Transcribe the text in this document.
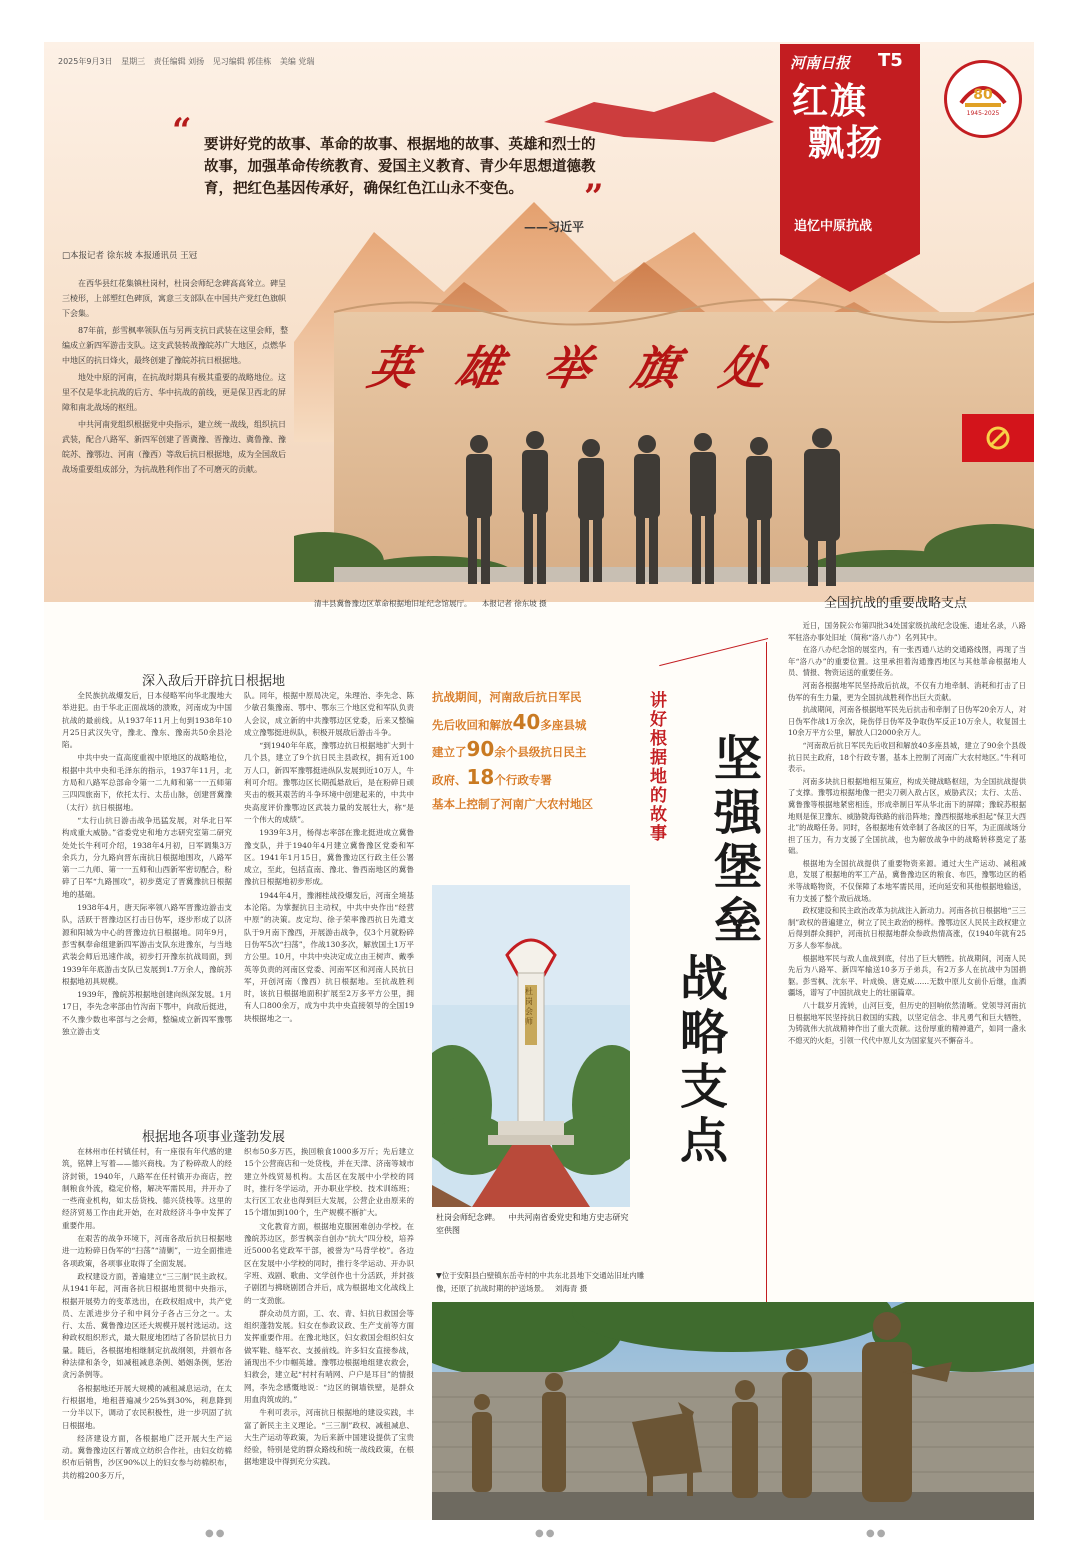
2025年9月3日 星期三 责任编辑 刘扬 见习编辑 郭佳栋 美编 党瑞
“ 要讲好党的故事、革命的故事、根据地的故事、英雄和烈士的故事，加强革命传统教育、爱国主义教育、青少年思想道德教育，把红色基因传承好，确保红色江山永不变色。	”
——习近平
□本报记者 徐东坡 本报通讯员 王冠

在西华县红花集镇杜岗村，杜岗会师纪念碑高高耸立。碑呈三棱形，上部塑红色碑顶，寓意三支部队在中国共产党红色旗帜下会集。

87年前，彭雪枫率领队伍与另两支抗日武装在这里会师，整编成立新四军游击支队。这支武装转战豫皖苏广大地区，点燃华中地区的抗日烽火，最终创建了豫皖苏抗日根据地。

地处中原的河南，在抗战时期具有极其重要的战略地位。这里不仅是华北抗战的后方、华中抗战的前线，更是保卫西北的屏障和南北战场的枢纽。

中共河南党组织根据党中央指示，建立统一战线，组织抗日武装，配合八路军、新四军创建了晋冀豫、晋豫边、冀鲁豫、豫皖苏、豫鄂边、河南（豫西）等敌后抗日根据地，成为全国敌后战场重要组成部分，为抗战胜利作出了不可磨灭的贡献。

河南日报 T5
红旗
飘扬
追忆中原抗战
80
1945-2025
英雄举旗处
清丰县冀鲁豫边区革命根据地旧址纪念馆展厅。 本报记者 徐东坡 摄	全国抗战的重要战略支点
深入敌后开辟抗日根据地

全民族抗战爆发后，日本侵略军向华北腹地大举进犯。由于华北正面战场的溃败，河南成为中国抗战的最前线。从1937年11月上旬到1938年10月25日武汉失守，豫北、豫东、豫南共50余县沦陷。

中共中央一直高度重视中原地区的战略地位，根据中共中央和毛泽东的指示，1937年11月，北方局和八路军总部命令第一二九师和第一一五师第三四四旅南下，依托太行、太岳山脉，创建晋冀豫（太行）抗日根据地。

“太行山抗日游击战争迅猛发展，对华北日军构成重大威胁。”省委党史和地方志研究室第二研究处处长牛利可介绍，1938年4月初，日军调集3万余兵力，分九路向晋东南抗日根据地围攻，八路军第一二九师、第一一五师和山西新军密切配合，粉碎了日军“九路围攻”，初步奠定了晋冀豫抗日根据地的基础。

1938年4月，唐天际率领八路军晋豫边游击支队，活跃于晋豫边区打击日伪军，逐步形成了以济源和阳城为中心的晋豫边抗日根据地。同年9月，彭雪枫奉命组建新四军游击支队东进豫东，与当地武装会师后迅速作战，初步打开豫东抗战局面，到1939年年底游击支队已发展到1.7万余人，豫皖苏根据地初具规模。

1939年，豫皖苏根据地创建向纵深发展。1月17日，李先念率部由竹沟南下鄂中，向敌后挺进，不久豫少数也率部与之会师，整编成立新四军豫鄂独立游击支

队。同年，根据中原局决定，朱理治、李先念、陈少敏召集豫南、鄂中、鄂东三个地区党和军队负责人会议，成立新的中共豫鄂边区党委，后来又整编成立豫鄂挺进纵队，积极开展敌后游击斗争。

“到1940年年底，豫鄂边抗日根据地扩大到十几个县，建立了9个抗日民主县政权，拥有近100万人口，新四军豫鄂挺进纵队发展到近10万人，牛利可介绍。豫鄂边区长期孤悬敌后，是在粉碎日顽夹击的极其艰苦的斗争环境中创建起来的，中共中央高度评价豫鄂边区武装力量的发展壮大，称“是一个伟大的成绩”。

1939年3月，杨得志率部在豫北挺进成立冀鲁豫支队，并于1940年4月建立冀鲁豫区党委和军区。1941年1月15日，冀鲁豫边区行政主任公署成立，至此，包括直南、豫北、鲁西南地区的冀鲁豫抗日根据地初步形成。

1944年4月，豫湘桂战役爆发后，河南全境基本沦陷。为掌握抗日主动权，中共中央作出“经营中原”的决策。皮定均、徐子荣率豫西抗日先遣支队于9月南下豫西，开展游击战争，仅3个月就粉碎日伪军5次“扫荡”，作战130多次，解放国土1万平方公里。10月，中共中央决定成立由王树声、戴季英等负责的河南区党委、河南军区和河南人民抗日军，开创河南（豫西）抗日根据地。至抗战胜利时，该抗日根据地面积扩展至2万多平方公里，拥有人口800余万，成为中共中央直接领导的全国19块根据地之一。

抗战期间，河南敌后抗日军民
先后收回和解放40多座县城
建立了90余个县级抗日民主
政府、18个行政专署
基本上控制了河南广大农村地区
讲好根据地的故事
坚强堡垒
战略支点
杜岗会师
杜岗会师纪念碑。 中共河南省委党史和地方史志研究室供图
▼位于安阳县白壁镇东岳寺村的中共东北县地下交通站旧址内雕像，还原了抗战时期的护送场景。 刘海青 摄
根据地各项事业蓬勃发展

在林州市任村镇任村，有一座很有年代感的建筑，铭牌上写着——德兴商栈。为了粉碎敌人的经济封锁，1940年，八路军在任村镇开办商店，控制粮食外流，稳定价格，解决军需民用，并开办了一些商业机构，如太岳货栈、德兴货栈等。这里的经济贸易工作由此开始，在对敌经济斗争中发挥了重要作用。

在艰苦的战争环境下，河南各敌后抗日根据地进一边粉碎日伪军的“扫荡”“清剿”，一边全面推进各项政策，各项事业取得了全面发展。

政权建设方面，普遍建立“三三制”民主政权。从1941年起，河南各抗日根据地贯彻中央指示，根据开展势力的变革选出，在政权组成中，共产党员、左派进步分子和中间分子各占三分之一。太行、太岳、冀鲁豫边区还大规模开展村选运动。这种政权组织形式，最大限度地团结了各阶层抗日力量。随后，各根据地相继制定抗战纲领，并颁布各种法律和条令，如减租减息条例、婚姻条例，惩治贪污条例等。

各根据地还开展大规模的减租减息运动，在太行根据地，地租普遍减少25%到30%，利息降到一分半以下，调动了农民积极性，进一步巩固了抗日根据地。

经济建设方面，各根据地广泛开展大生产运动。冀鲁豫边区行署成立纺织合作社，由妇女纺棉织布后销售，沙区90%以上的妇女参与纺棉织布，共纺棉200多万斤，

织布50多万匹，换回粮食1000多万斤；先后建立15个公营商店和一处货栈，并在天津、济南等城市建立外线贸易机构。太岳区在发展中小学校的同时，推行冬学运动，开办职业学校、技术训练班；太行区工农业也得到巨大发展，公营企业由原来的15个增加到100个，生产规模不断扩大。

文化教育方面，根据地克服困难创办学校。在豫皖苏边区，彭雪枫亲自创办“抗大”四分校，培养近5000名党政军干部，被誉为“马背学校”。各边区在发展中小学校的同时，推行冬学运动、开办识字班、戏剧、歌曲、文学创作也十分活跃，并封孩子剧团与拂晓剧团合并后，成为根据地文化战线上的一支劲旅。

群众动员方面，工、农、青、妇抗日救国会等组织蓬勃发展。妇女在参政议政、生产支前等方面发挥重要作用。在豫北地区，妇女救国会组织妇女做军鞋、缝军衣、支援前线。许多妇女直接参战，涌现出不少巾帼英雄。豫鄂边根据地组建农救会，妇救会，建立起“村村有哨网、户户是耳目”的情报网，李先念感慨地说：“边区的铜墙铁壁，是群众用血肉筑成的。”

牛利可表示，河南抗日根据地的建设实践，丰富了新民主主义理论。“三三制”政权、减租减息、大生产运动等政策，为后来新中国建设提供了宝贵经验，特别是党的群众路线和统一战线政策，在根据地建设中得到充分实践。

近日，国务院公布第四批34处国家级抗战纪念设施、遗址名录，八路军驻洛办事处旧址（简称“洛八办”）名列其中。

在洛八办纪念馆的展室内，有一张西通八达的交通路线图，再现了当年“洛八办”的重要位置。这里承担着沟通豫西地区与其他革命根据地人员、情报、物资运送的重要任务。

河南各根据地军民坚持敌后抗战，不仅有力地牵制、消耗和打击了日伪军的有生力量，更为全国抗战胜利作出巨大贡献。

抗战期间，河南各根据地军民先后抗击和牵制了日伪军20余万人，对日伪军作战1万余次，毙伤俘日伪军及争取伪军反正10万余人，收复国土10余万平方公里，解放人口2000余万人。

“河南敌后抗日军民先后收回和解放40多座县城，建立了90余个县级抗日民主政府，18个行政专署，基本上控制了河南广大农村地区。”牛利可表示。

河南多块抗日根据地相互策应，构成关键战略枢纽，为全国抗战提供了支撑。豫鄂边根据地像一把尖刀刺入敌占区，威胁武汉；太行、太岳、冀鲁豫等根据地紧密相连，形成牵制日军从华北南下的屏障；豫皖苏根据地则是保卫豫东、威胁陇海铁路的前沿阵地；豫西根据地承担起“保卫大西北”的战略任务。同时，各根据地有效牵制了各战区的日军，为正面战场分担了压力，有力支援了全国抗战，也为解放战争中的战略转移奠定了基础。

根据地为全国抗战提供了重要物资来源。通过大生产运动、减租减息，发展了根据地的军工产品，冀鲁豫边区的粮食、布匹，豫鄂边区的稻米等战略物资，不仅保障了本地军需民用，还向延安和其他根据地输送，有力支援了整个敌后战场。

政权建设和民主政治改革为抗战注入新动力。河南各抗日根据地“三三制”政权的普遍建立，树立了民主政治的榜样。豫鄂边区人民民主政权建立后得到群众拥护，河南抗日根据地群众参政热情高涨，仅1940年就有25万多人参军参战。

根据地军民与敌人血战到底，付出了巨大牺牲。抗战期间，河南人民先后为八路军、新四军输送10多万子弟兵，有2万多人在抗战中为国捐躯。彭雪枫、沈东平、叶成焕、唐克威……无数中原儿女前仆后继，血洒疆场，谱写了中国抗战史上的壮丽篇章。

八十载岁月流转，山河巨变，但历史的回响依然清晰。党领导河南抗日根据地军民坚持抗日救国的实践，以坚定信念、非凡勇气和巨大牺牲，为铸就伟大抗战精神作出了重大贡献。这份厚重的精神遗产，如同一盏永不熄灭的火炬，引领一代代中原儿女为国家复兴不懈奋斗。

●●	●●	●●
